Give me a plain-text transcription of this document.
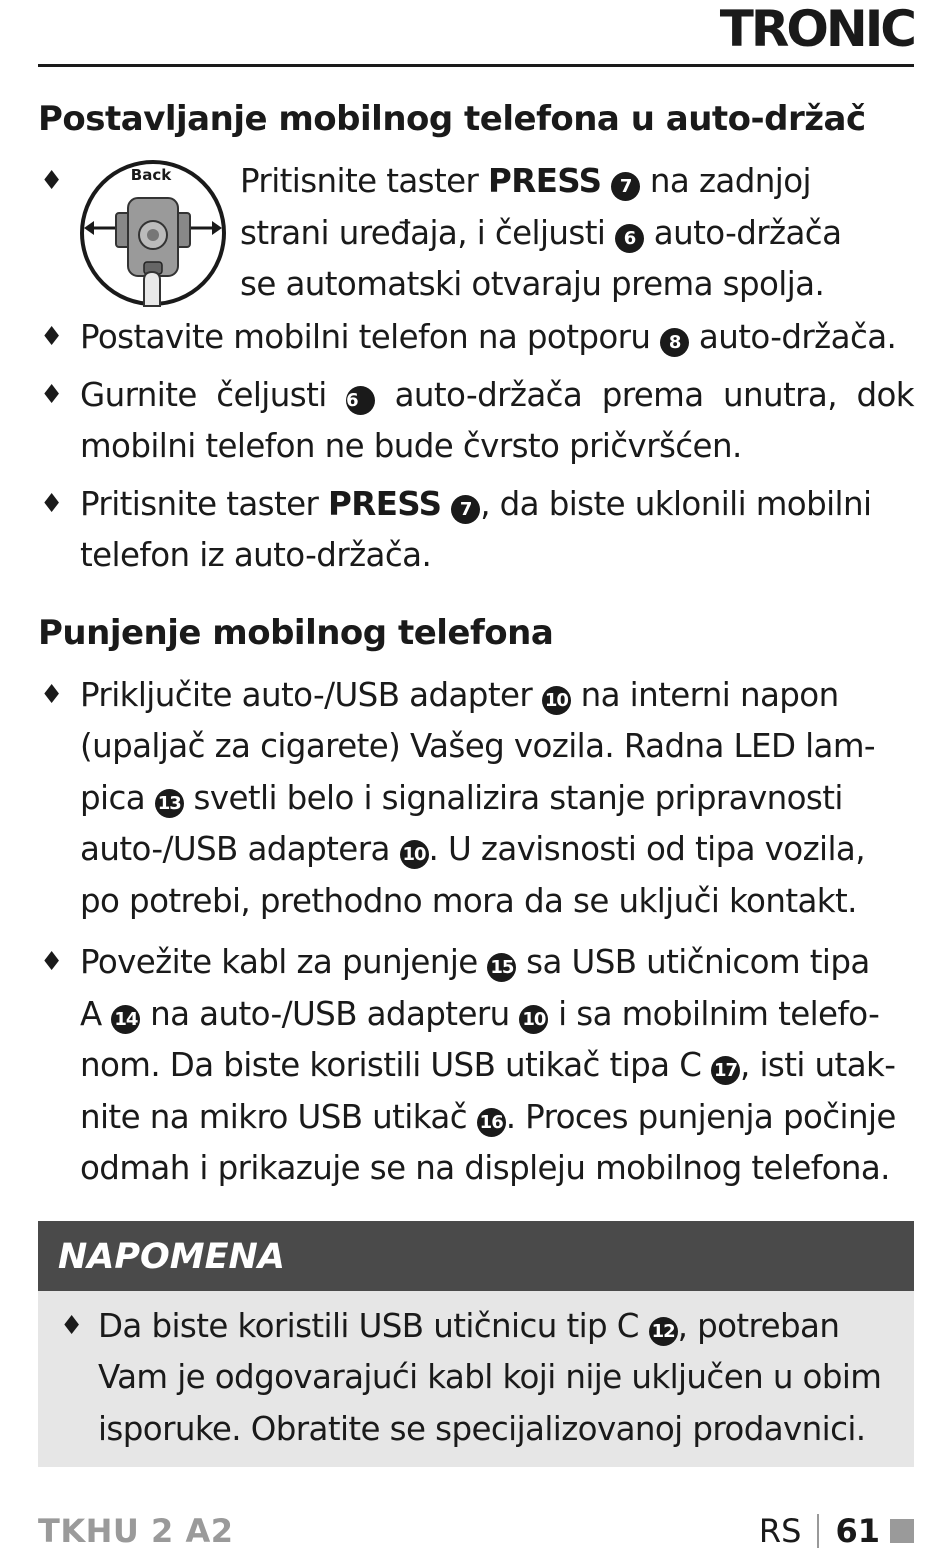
TRONIC
Postavljanje mobilnog telefona u auto-držač
♦	Back Pritisnite taster PRESS 7 na zadnjoj
strani uređaja, i čeljusti 6 auto-držača
se automatski otvaraju prema spolja.
♦ Postavite mobilni telefon na potporu 8 auto-držača.
♦ Gurnite čeljusti 6 auto-držača prema unutra, dok mobilni telefon ne bude čvrsto pričvršćen.
♦ Pritisnite taster PRESS 7 , da biste uklonili mobilni
telefon iz auto-držača.
Punjenje mobilnog telefona
♦ Priključite auto-/USB adapter 10 na interni napon
(upaljač za cigarete) Vašeg vozila. Radna LED lam-
pica 13 svetli belo i signalizira stanje pripravnosti
auto-/USB adaptera 10. U zavisnosti od tipa vozila,
po potrebi, prethodno mora da se uključi kontakt.
♦ Povežite kabl za punjenje 15 sa USB utičnicom tipa
A 14 na auto-/USB adapteru 10 i sa mobilnim telefo-
nom. Da biste koristili USB utikač tipa C 17, isti utak-
nite na mikro USB utikač 16. Proces punjenja počinje
odmah i prikazuje se na displeju mobilnog telefona.
NAPOMENA
♦ Da biste koristili USB utičnicu tip C 12, potreban
Vam je odgovarajući kabl koji nije uključen u obim
isporuke. Obratite se specijalizovanoj prodavnici.
TKHU 2 A2	RS 61
